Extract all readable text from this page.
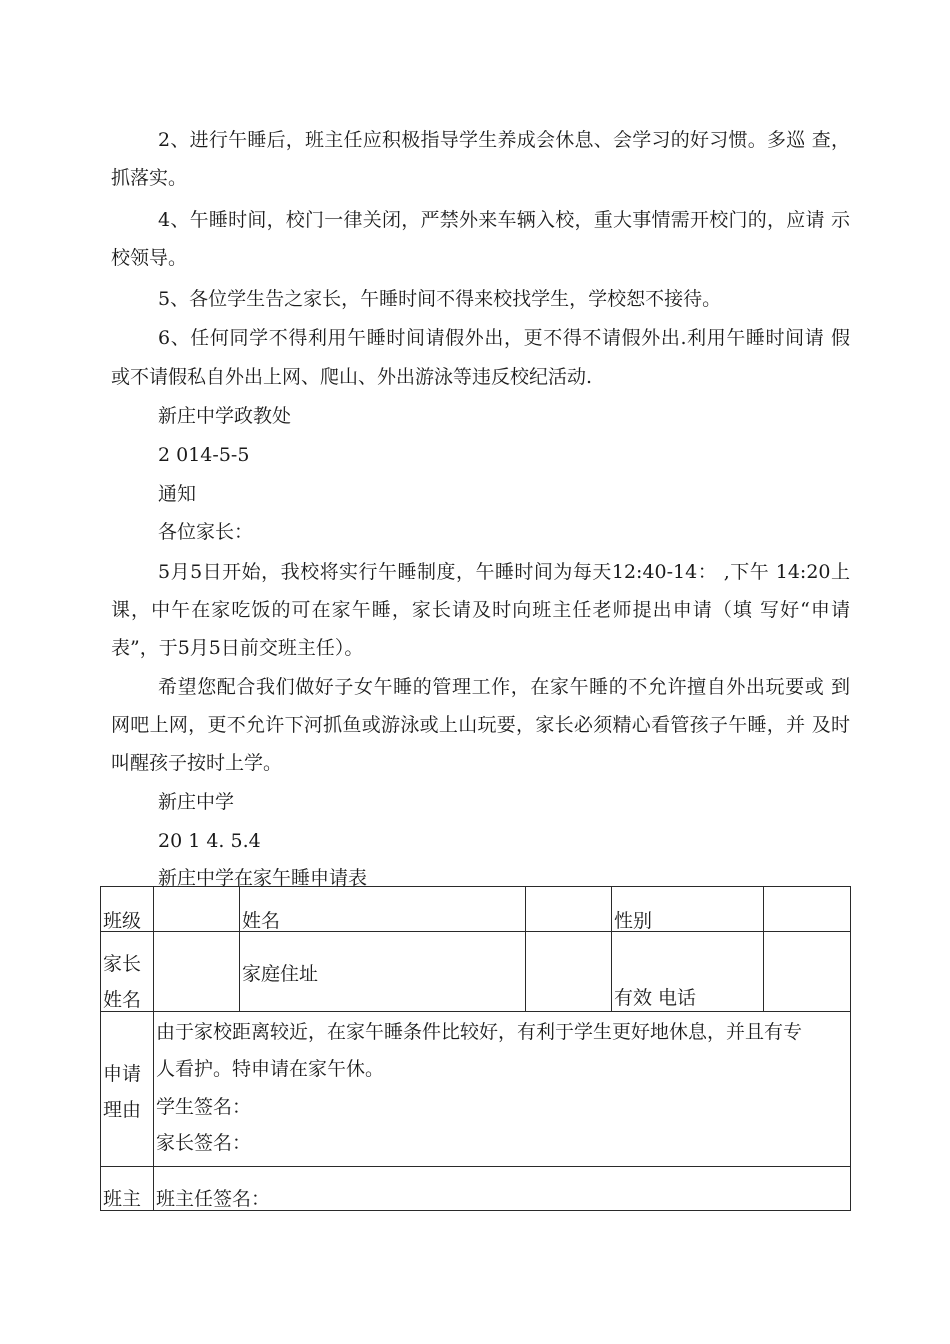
2、进行午睡后，班主任应积极指导学生养成会休息、会学习的好习惯。多巡 查，
抓落实。
4、午睡时间，校门一律关闭，严禁外来车辆入校，重大事情需开校门的，应请 示
校领导。
5、各位学生告之家长，午睡时间不得来校找学生，学校恕不接待。
6、任何同学不得利用午睡时间请假外出，更不得不请假外出.利用午睡时间请 假
或不请假私自外出上网、爬山、外出游泳等违反校纪活动.
新庄中学政教处
2 014-5-5
通知
各位家长：
5月5日开始，我校将实行午睡制度，午睡时间为每天12:40-14： ,下午 14:20上
课，中午在家吃饭的可在家午睡，家长请及时向班主任老师提出申请（填 写好“申请
表”，于5月5日前交班主任）。
希望您配合我们做好子女午睡的管理工作，在家午睡的不允许擅自外出玩要或 到
网吧上网，更不允许下河抓鱼或游泳或上山玩要，家长必须精心看管孩子午睡，并 及时
叫醒孩子按时上学。
新庄中学
20 1 4. 5.4
新庄中学在家午睡申请表
班级		姓名		性别	

家长
姓名		家庭住址		有效 电话	

申请
理由	由于家校距离较近，在家午睡条件比较好，有利于学生更好地休息，并且有专
人看护。特申请在家午休。
学生签名：
家长签名：				

班主	班主任签名：				
